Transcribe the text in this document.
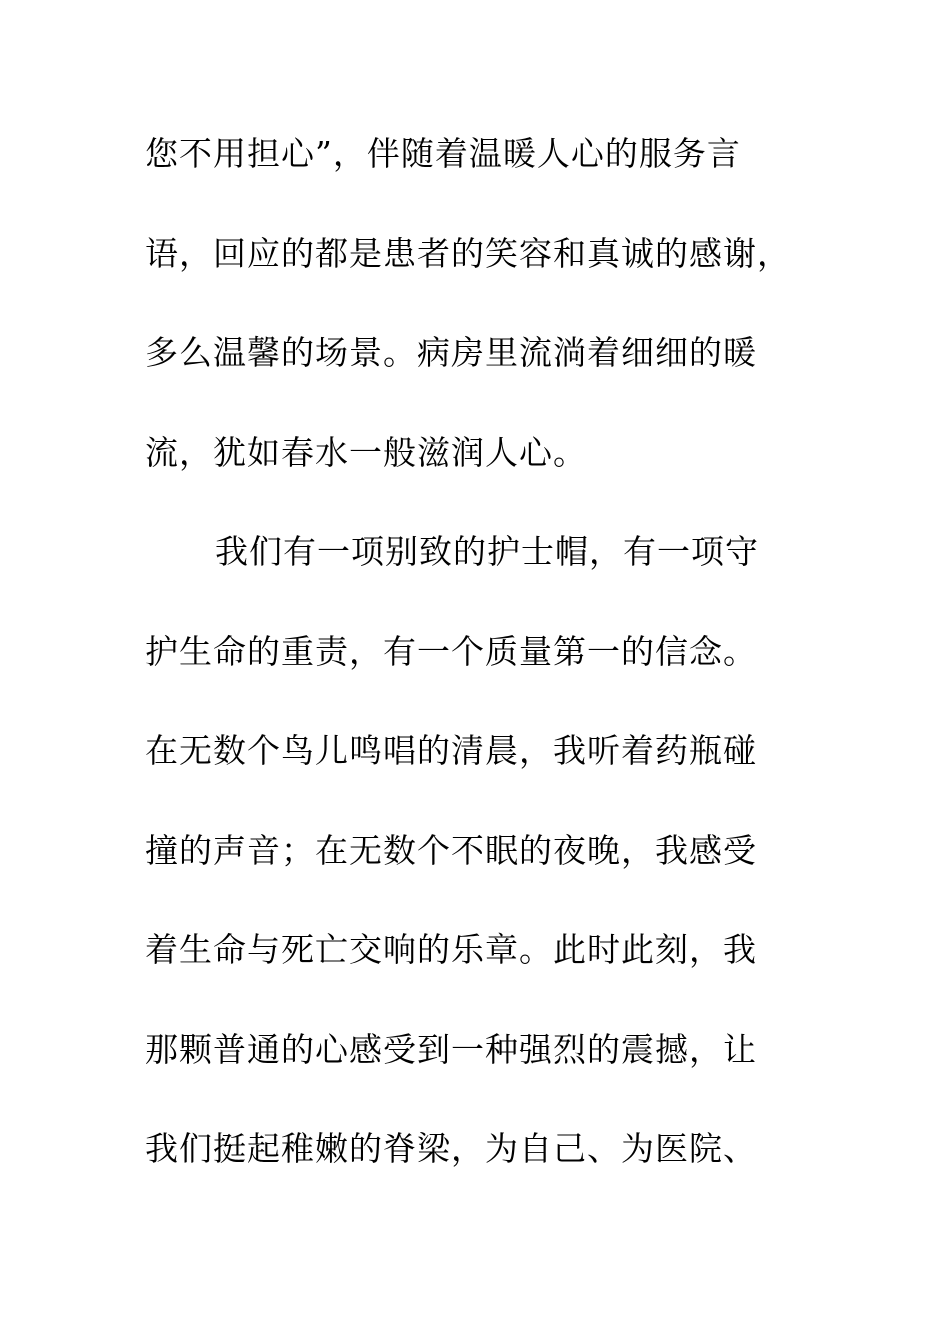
您不用担心”，伴随着温暖人心的服务言
语，回应的都是患者的笑容和真诚的感谢，
多么温馨的场景。病房里流淌着细细的暖
流，犹如春水一般滋润人心。
我们有一项别致的护士帽，有一项守
护生命的重责，有一个质量第一的信念。
在无数个鸟儿鸣唱的清晨，我听着药瓶碰
撞的声音；在无数个不眠的夜晚，我感受
着生命与死亡交响的乐章。此时此刻，我
那颗普通的心感受到一种强烈的震撼，让
我们挺起稚嫩的脊梁，为自己、为医院、
